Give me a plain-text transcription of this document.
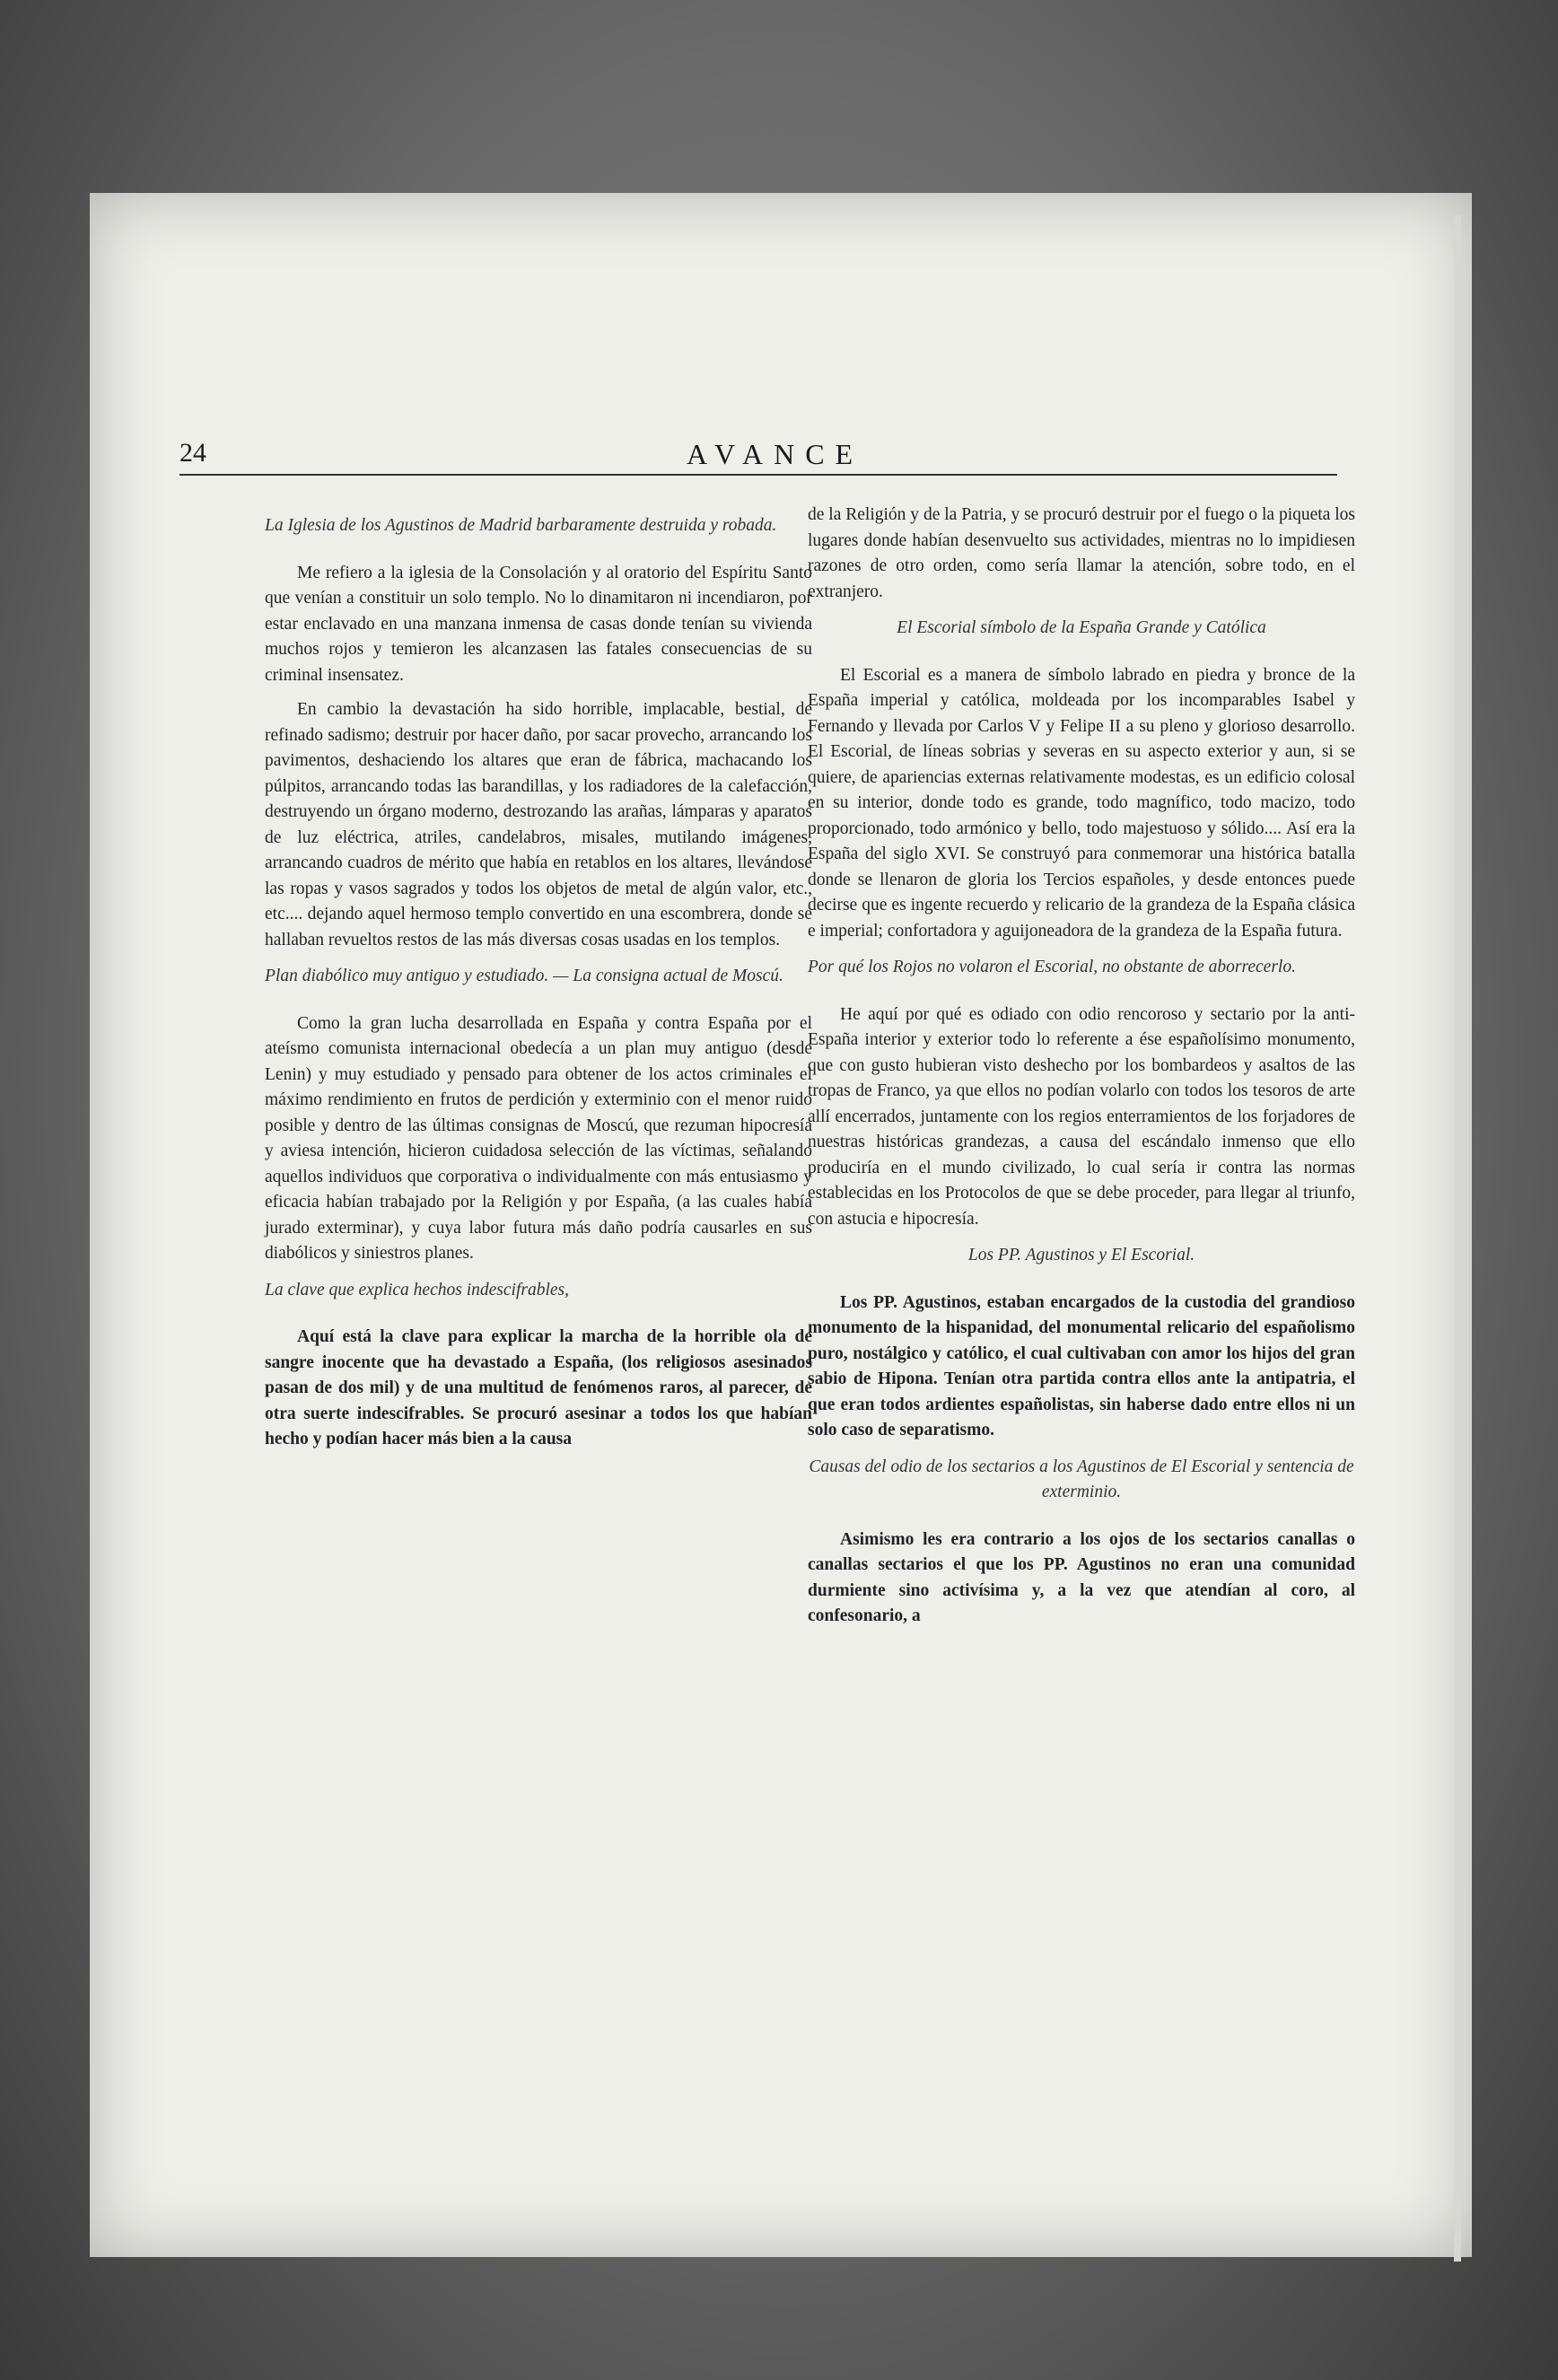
24	AVANCE

La Iglesia de los Agustinos de Madrid barbaramente destruida y robada.

Me refiero a la iglesia de la Consolación y al oratorio del Espíritu Santo que venían a constituir un solo templo. No lo dinamitaron ni incendiaron, por estar enclavado en una manzana inmensa de casas donde tenían su vivienda muchos rojos y temieron les alcanzasen las fatales consecuencias de su criminal insensatez.

En cambio la devastación ha sido horrible, implacable, bestial, de refinado sadismo; destruir por hacer daño, por sacar provecho, arrancando los pavimentos, deshaciendo los altares que eran de fábrica, machacando los púlpitos, arrancando todas las barandillas, y los radiadores de la calefacción, destruyendo un órgano moderno, destrozando las arañas, lámparas y aparatos de luz eléctrica, atriles, candelabros, misales, mutilando imágenes, arrancando cuadros de mérito que había en retablos en los altares, llevándose las ropas y vasos sagrados y todos los objetos de metal de algún valor, etc., etc.... dejando aquel hermoso templo convertido en una escombrera, donde se hallaban revueltos restos de las más diversas cosas usadas en los templos.

Plan diabólico muy antiguo y estudiado. — La consigna actual de Moscú.

Como la gran lucha desarrollada en España y contra España por el ateísmo comunista internacional obedecía a un plan muy antiguo (desde Lenin) y muy estudiado y pensado para obtener de los actos criminales el máximo rendimiento en frutos de perdición y exterminio con el menor ruido posible y dentro de las últimas consignas de Moscú, que rezuman hipocresía y aviesa intención, hicieron cuidadosa selección de las víctimas, señalando aquellos individuos que corporativa o individualmente con más entusiasmo y eficacia habían trabajado por la Religión y por España, (a las cuales había jurado exterminar), y cuya labor futura más daño podría causarles en sus diabólicos y siniestros planes.

La clave que explica hechos indescifrables,

Aquí está la clave para explicar la marcha de la horrible ola de sangre inocente que ha devastado a España, (los religiosos asesinados pasan de dos mil) y de una multitud de fenómenos raros, al parecer, de otra suerte indescifrables. Se procuró asesinar a todos los que habían hecho y podían hacer más bien a la causa

de la Religión y de la Patria, y se procuró destruir por el fuego o la piqueta los lugares donde habían desenvuelto sus actividades, mientras no lo impidiesen razones de otro orden, como sería llamar la atención, sobre todo, en el extranjero.

El Escorial símbolo de la España Grande y Católica

El Escorial es a manera de símbolo labrado en piedra y bronce de la España imperial y católica, moldeada por los incomparables Isabel y Fernando y llevada por Carlos V y Felipe II a su pleno y glorioso desarrollo. El Escorial, de líneas sobrias y severas en su aspecto exterior y aun, si se quiere, de apariencias externas relativamente modestas, es un edificio colosal en su interior, donde todo es grande, todo magnífico, todo macizo, todo proporcionado, todo armónico y bello, todo majestuoso y sólido.... Así era la España del siglo XVI. Se construyó para conmemorar una histórica batalla donde se llenaron de gloria los Tercios españoles, y desde entonces puede decirse que es ingente recuerdo y relicario de la grandeza de la España clásica e imperial; confortadora y aguijoneadora de la grandeza de la España futura.

Por qué los Rojos no volaron el Escorial, no obstante de aborrecerlo.

He aquí por qué es odiado con odio rencoroso y sectario por la anti-España interior y exterior todo lo referente a ése españolísimo monumento, que con gusto hubieran visto deshecho por los bombardeos y asaltos de las tropas de Franco, ya que ellos no podían volarlo con todos los tesoros de arte allí encerrados, juntamente con los regios enterramientos de los forjadores de nuestras históricas grandezas, a causa del escándalo inmenso que ello produciría en el mundo civilizado, lo cual sería ir contra las normas establecidas en los Protocolos de que se debe proceder, para llegar al triunfo, con astucia e hipocresía.

Los PP. Agustinos y El Escorial.

Los PP. Agustinos, estaban encargados de la custodia del grandioso monumento de la hispanidad, del monumental relicario del españolismo puro, nostálgico y católico, el cual cultivaban con amor los hijos del gran sabio de Hipona. Tenían otra partida contra ellos ante la antipatria, el que eran todos ardientes españolistas, sin haberse dado entre ellos ni un solo caso de separatismo.

Causas del odio de los sectarios a los Agustinos de El Escorial y sentencia de exterminio.

Asimismo les era contrario a los ojos de los sectarios canallas o canallas sectarios el que los PP. Agustinos no eran una comunidad durmiente sino activísima y, a la vez que atendían al coro, al confesonario, a
